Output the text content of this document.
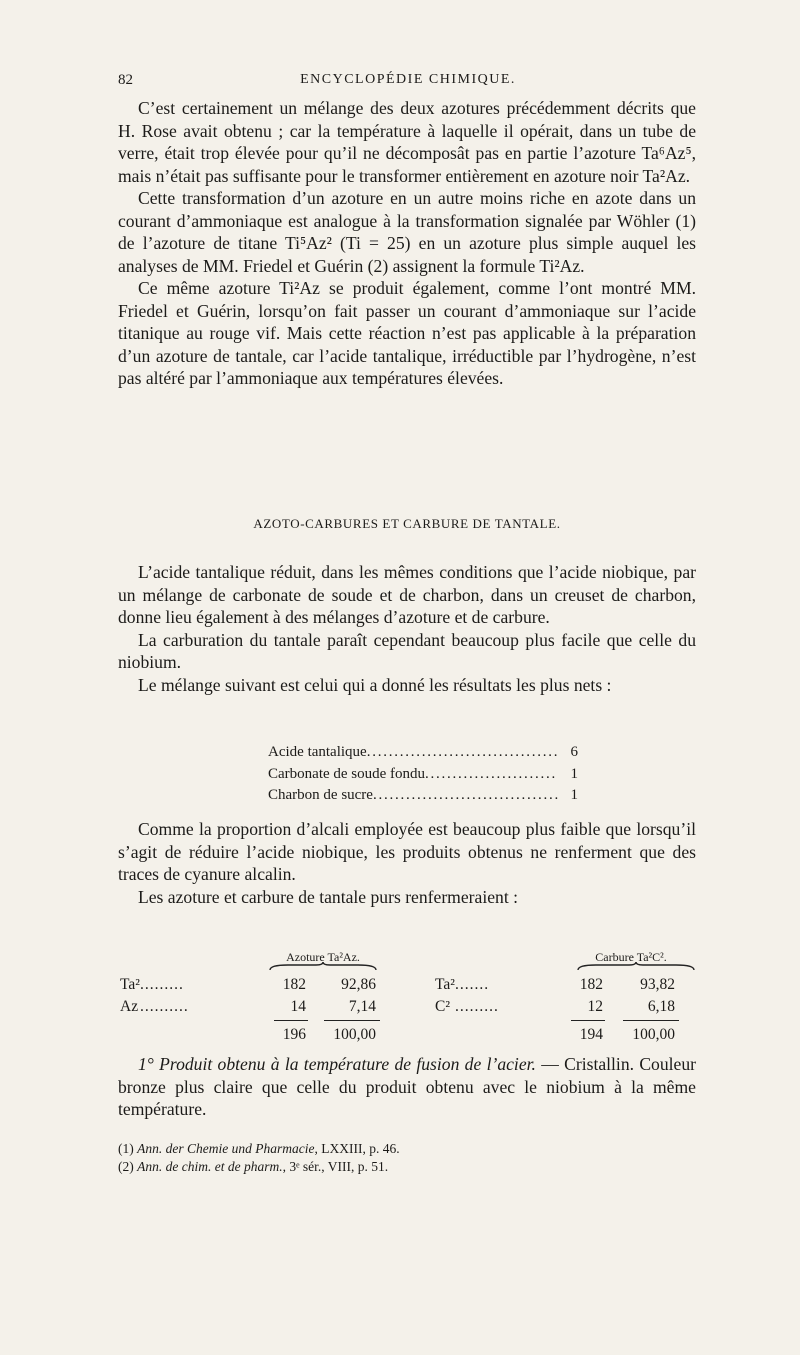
82	ENCYCLOPÉDIE CHIMIQUE.

C’est certainement un mélange des deux azotures précédemment décrits que H. Rose avait obtenu ; car la température à laquelle il opérait, dans un tube de verre, était trop élevée pour qu’il ne décomposât pas en partie l’azoture Ta⁶Az⁵, mais n’était pas suffisante pour le transformer entièrement en azoture noir Ta²Az.

Cette transformation d’un azoture en un autre moins riche en azote dans un courant d’ammoniaque est analogue à la transformation signalée par Wöhler (1) de l’azoture de titane Ti⁵Az² (Ti = 25) en un azoture plus simple auquel les analyses de MM. Friedel et Guérin (2) assignent la formule Ti²Az.

Ce même azoture Ti²Az se produit également, comme l’ont montré MM. Friedel et Guérin, lorsqu’on fait passer un courant d’ammoniaque sur l’acide titanique au rouge vif. Mais cette réaction n’est pas applicable à la préparation d’un azoture de tantale, car l’acide tantalique, irréductible par l’hydrogène, n’est pas altéré par l’ammoniaque aux températures élevées.

AZOTO-CARBURES ET CARBURE DE TANTALE.

L’acide tantalique réduit, dans les mêmes conditions que l’acide niobique, par un mélange de carbonate de soude et de charbon, dans un creuset de charbon, donne lieu également à des mélanges d’azoture et de carbure.

La carburation du tantale paraît cependant beaucoup plus facile que celle du niobium.

Le mélange suivant est celui qui a donné les résultats les plus nets :

Acide tantalique . . .	6
Carbonate de soude fondu . . .	1
Charbon de sucre . . .	1

Comme la proportion d’alcali employée est beaucoup plus faible que lorsqu’il s’agit de réduire l’acide niobique, les produits obtenus ne renferment que des traces de cyanure alcalin.

Les azoture et carbure de tantale purs renfermeraient :

Azoture Ta²Az.
Ta² .........	182	92,86
Az ..........	14	7,14
196	100,00
Carbure Ta²C².
Ta² .......	182	93,82
C² .........	12	6,18
194	100,00

1° Produit obtenu à la température de fusion de l’acier. — Cristallin. Couleur bronze plus claire que celle du produit obtenu avec le niobium à la même température.

(1) Ann. der Chemie und Pharmacie, LXXIII, p. 46.
(2) Ann. de chim. et de pharm., 3ᵉ sér., VIII, p. 51.
